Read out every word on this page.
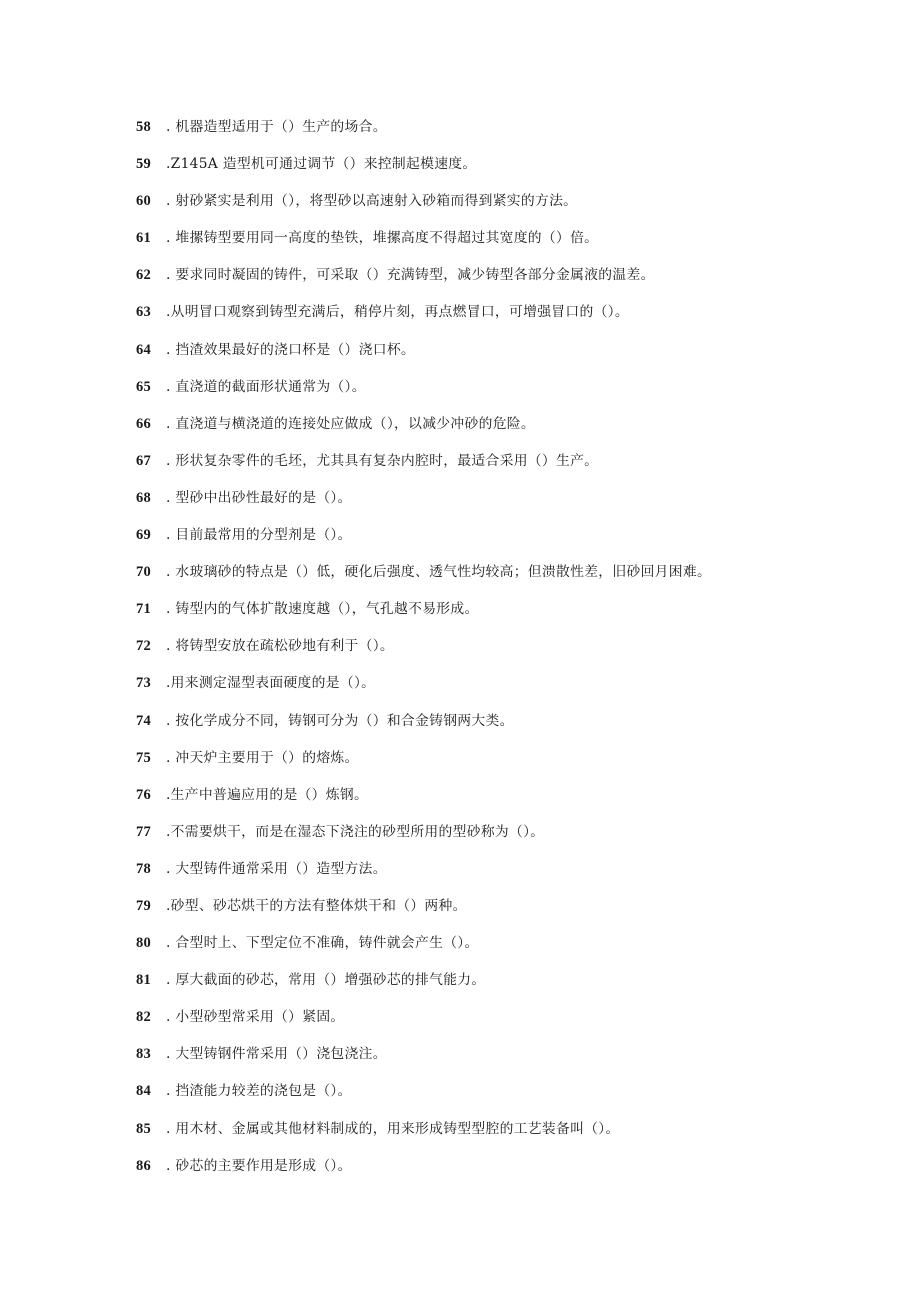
58	. 机器造型适用于（）生产的场合。
59	.Z145A 造型机可通过调节（）来控制起模速度。
60	. 射砂紧实是利用（），将型砂以高速射入砂箱而得到紧实的方法。
61	. 堆摞铸型要用同一高度的垫铁，堆摞高度不得超过其宽度的（）倍。
62	. 要求同时凝固的铸件，可采取（）充满铸型，减少铸型各部分金属液的温差。
63	.从明冒口观察到铸型充满后，稍停片刻，再点燃冒口，可增强冒口的（）。
64	. 挡渣效果最好的浇口杯是（）浇口杯。
65	. 直浇道的截面形状通常为（）。
66	. 直浇道与横浇道的连接处应做成（），以减少冲砂的危险。
67	. 形状复杂零件的毛坯，尤其具有复杂内腔时，最适合采用（）生产。
68	. 型砂中出砂性最好的是（）。
69	. 目前最常用的分型剂是（）。
70	. 水玻璃砂的特点是（）低，硬化后强度、透气性均较高；但溃散性差，旧砂回月困难。
71	. 铸型内的气体扩散速度越（），气孔越不易形成。
72	. 将铸型安放在疏松砂地有利于（）。
73	.用来测定湿型表面硬度的是（）。
74	. 按化学成分不同，铸钢可分为（）和合金铸钢两大类。
75	. 冲天炉主要用于（）的熔炼。
76	.生产中普遍应用的是（）炼钢。
77	.不需要烘干，而是在湿态下浇注的砂型所用的型砂称为（）。
78	. 大型铸件通常采用（）造型方法。
79	.砂型、砂芯烘干的方法有整体烘干和（）两种。
80	. 合型时上、下型定位不准确，铸件就会产生（）。
81	. 厚大截面的砂芯，常用（）增强砂芯的排气能力。
82	. 小型砂型常采用（）紧固。
83	. 大型铸钢件常采用（）浇包浇注。
84	. 挡渣能力较差的浇包是（）。
85	. 用木材、金属或其他材料制成的，用来形成铸型型腔的工艺装备叫（）。
86	. 砂芯的主要作用是形成（）。
